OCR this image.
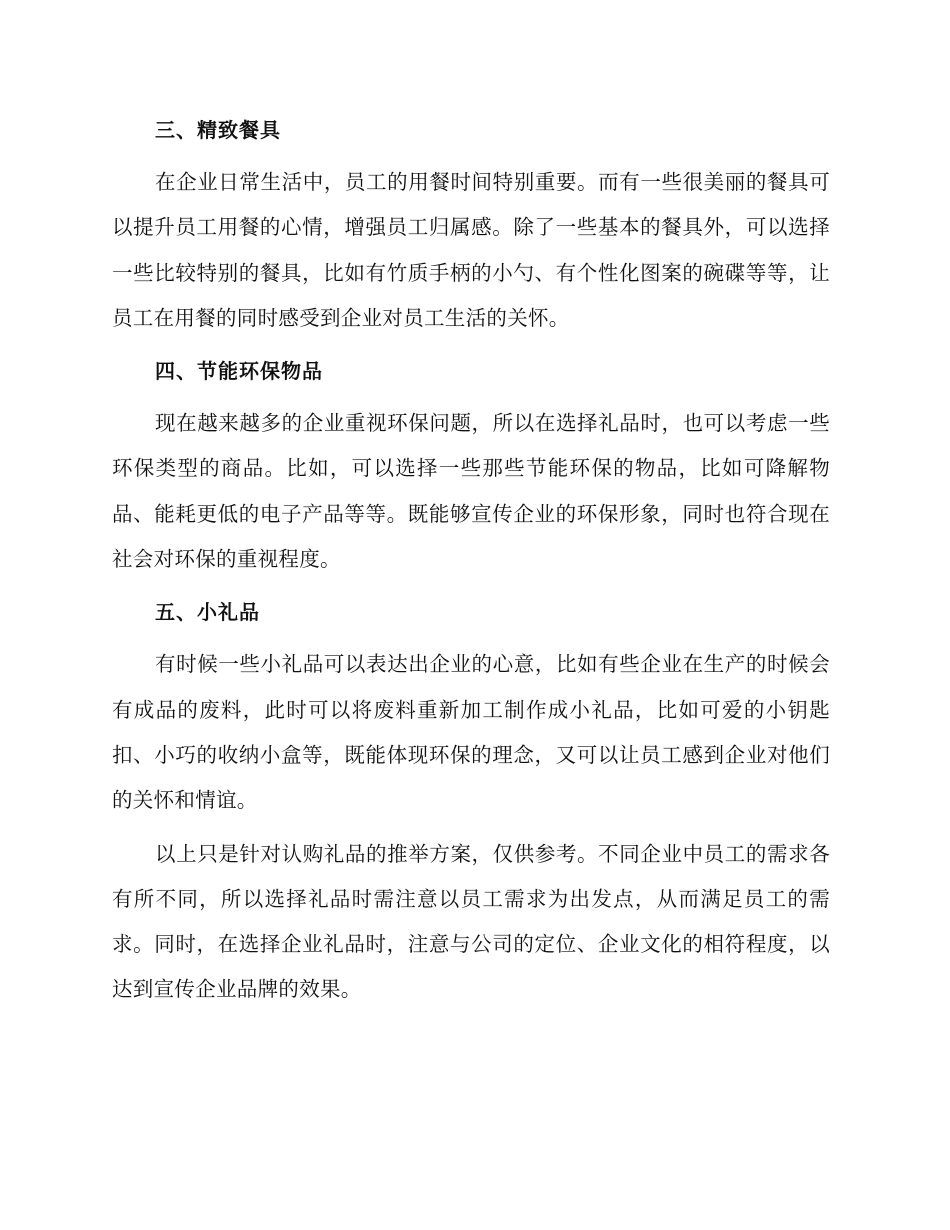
三、精致餐具

在企业日常生活中，员工的用餐时间特别重要。而有一些很美丽的餐具可以提升员工用餐的心情，增强员工归属感。除了一些基本的餐具外，可以选择一些比较特别的餐具，比如有竹质手柄的小勺、有个性化图案的碗碟等等，让员工在用餐的同时感受到企业对员工生活的关怀。

四、节能环保物品

现在越来越多的企业重视环保问题，所以在选择礼品时，也可以考虑一些环保类型的商品。比如，可以选择一些那些节能环保的物品，比如可降解物品、能耗更低的电子产品等等。既能够宣传企业的环保形象，同时也符合现在社会对环保的重视程度。

五、小礼品

有时候一些小礼品可以表达出企业的心意，比如有些企业在生产的时候会有成品的废料，此时可以将废料重新加工制作成小礼品，比如可爱的小钥匙扣、小巧的收纳小盒等，既能体现环保的理念，又可以让员工感到企业对他们的关怀和情谊。

以上只是针对认购礼品的推举方案，仅供参考。不同企业中员工的需求各有所不同，所以选择礼品时需注意以员工需求为出发点，从而满足员工的需求。同时，在选择企业礼品时，注意与公司的定位、企业文化的相符程度，以达到宣传企业品牌的效果。
